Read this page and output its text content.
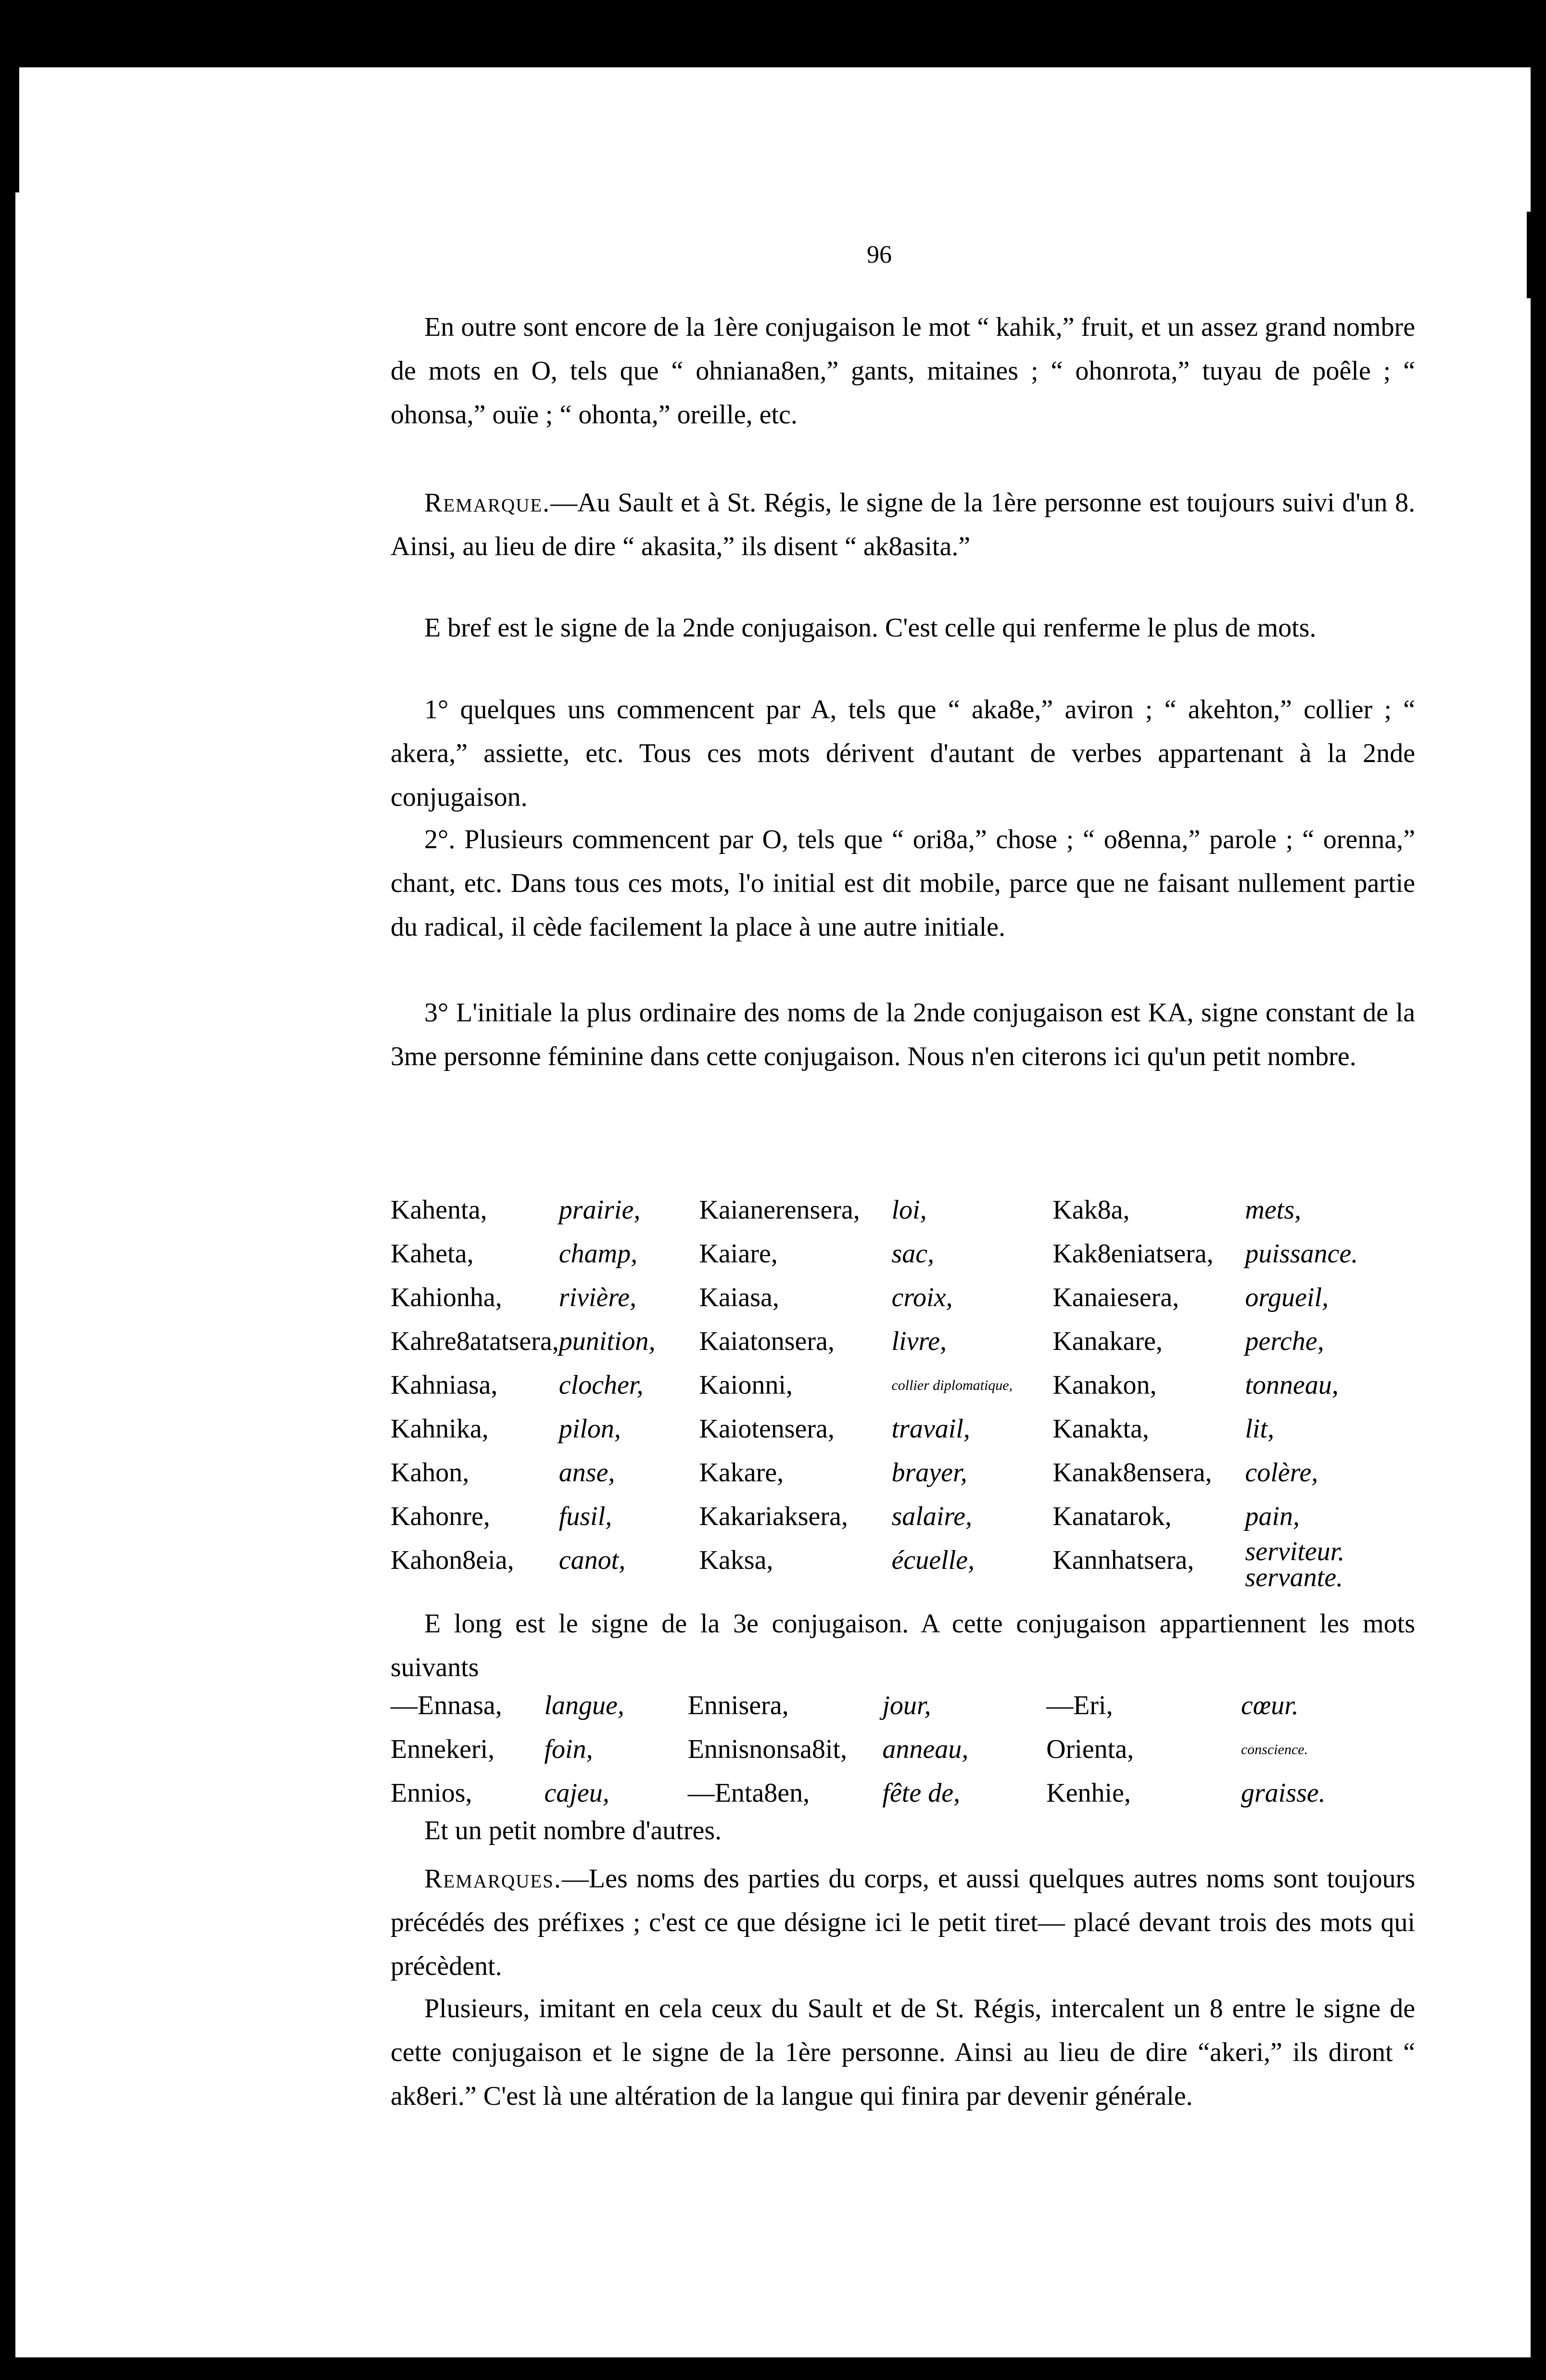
96

En outre sont encore de la 1ère conjugaison le mot “ kahik,” fruit, et un assez grand nombre de mots en O, tels que “ ohniana8en,” gants, mitaines ; “ ohonrota,” tuyau de poêle ; “ ohonsa,” ouïe ; “ ohonta,” oreille, etc.

Remarque.—Au Sault et à St. Régis, le signe de la 1ère personne est toujours suivi d'un 8. Ainsi, au lieu de dire “ akasita,” ils disent “ ak8asita.”

E bref est le signe de la 2nde conjugaison. C'est celle qui renferme le plus de mots.

1° quelques uns commencent par A, tels que “ aka8e,” aviron ; “ akehton,” collier ; “ akera,” assiette, etc. Tous ces mots dérivent d'autant de verbes appartenant à la 2nde conjugaison.

2°. Plusieurs commencent par O, tels que “ ori8a,” chose ; “ o8enna,” parole ; “ orenna,” chant, etc. Dans tous ces mots, l'o initial est dit mobile, parce que ne faisant nullement partie du radical, il cède facilement la place à une autre initiale.

3° L'initiale la plus ordinaire des noms de la 2nde conjugaison est KA, signe constant de la 3me personne féminine dans cette conjugaison. Nous n'en citerons ici qu'un petit nombre.

Kahenta,	prairie,	Kaianerensera,	loi,	Kak8a,	mets,
Kaheta,	champ,	Kaiare,	sac,	Kak8eniatsera,	puissance.
Kahionha,	rivière,	Kaiasa,	croix,	Kanaiesera,	orgueil,
Kahre8atatsera,	punition,	Kaiatonsera,	livre,	Kanakare,	perche,
Kahniasa,	clocher,	Kaionni,	collier diplomatique,	Kanakon,	tonneau,
Kahnika,	pilon,	Kaiotensera,	travail,	Kanakta,	lit,
Kahon,	anse,	Kakare,	brayer,	Kanak8ensera,	colère,
Kahonre,	fusil,	Kakariaksera,	salaire,	Kanatarok,	pain,
Kahon8eia,	canot,	Kaksa,	écuelle,	Kannhatsera,	serviteur.
servante.

E long est le signe de la 3e conjugaison. A cette conjugaison appartiennent les mots suivants

—Ennasa,	langue,	Ennisera,	jour,	—Eri,	cœur.
Ennekeri,	foin,	Ennisnonsa8it,	anneau,	Orienta,	conscience.
Ennios,	cajeu,	—Enta8en,	fête de,	Kenhie,	graisse.

Et un petit nombre d'autres.

Remarques.—Les noms des parties du corps, et aussi quelques autres noms sont toujours précédés des préfixes ; c'est ce que désigne ici le petit tiret— placé devant trois des mots qui précèdent.

Plusieurs, imitant en cela ceux du Sault et de St. Régis, intercalent un 8 entre le signe de cette conjugaison et le signe de la 1ère personne. Ainsi au lieu de dire “akeri,” ils diront “ ak8eri.” C'est là une altération de la langue qui finira par devenir générale.
